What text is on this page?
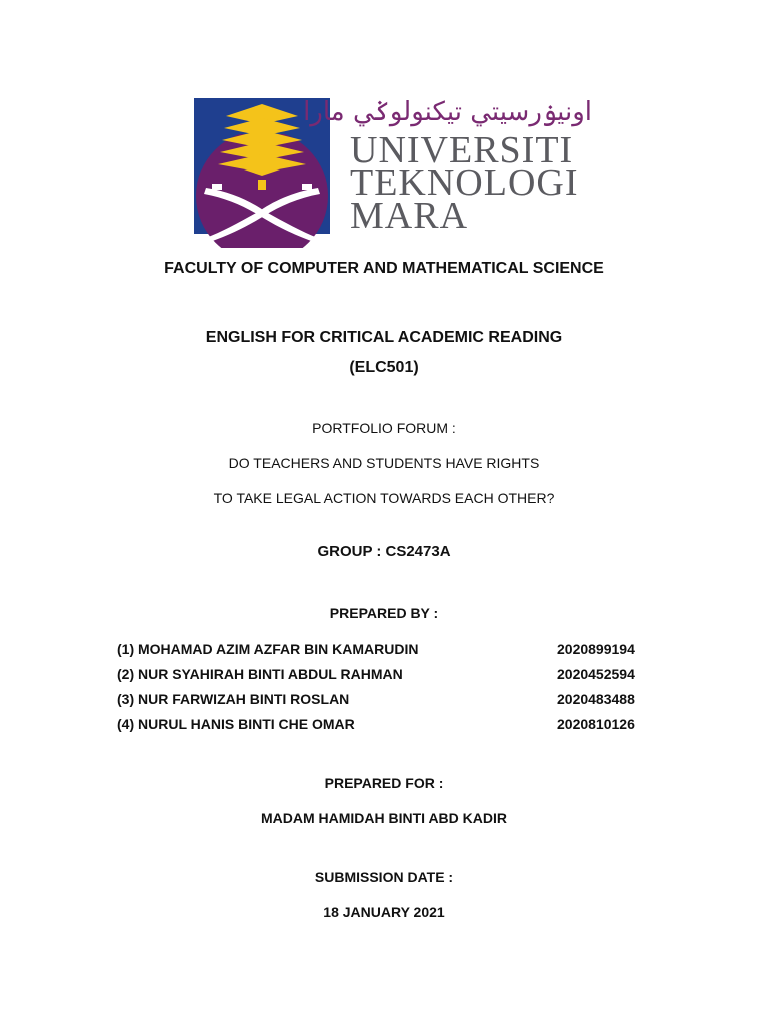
اونيۏرسيتي تيكنولوݢي مارا
UNIVERSITI
TEKNOLOGI
MARA
FACULTY OF COMPUTER AND MATHEMATICAL SCIENCE
ENGLISH FOR CRITICAL ACADEMIC READING
(ELC501)
PORTFOLIO FORUM :
DO TEACHERS AND STUDENTS HAVE RIGHTS
TO TAKE LEGAL ACTION TOWARDS EACH OTHER?
GROUP : CS2473A
PREPARED BY :
(1) MOHAMAD AZIM AZFAR BIN KAMARUDIN	2020899194
(2) NUR SYAHIRAH BINTI ABDUL RAHMAN	2020452594
(3) NUR FARWIZAH BINTI ROSLAN	2020483488
(4) NURUL HANIS BINTI CHE OMAR	2020810126
PREPARED FOR :
MADAM HAMIDAH BINTI ABD KADIR
SUBMISSION DATE :
18 JANUARY 2021
